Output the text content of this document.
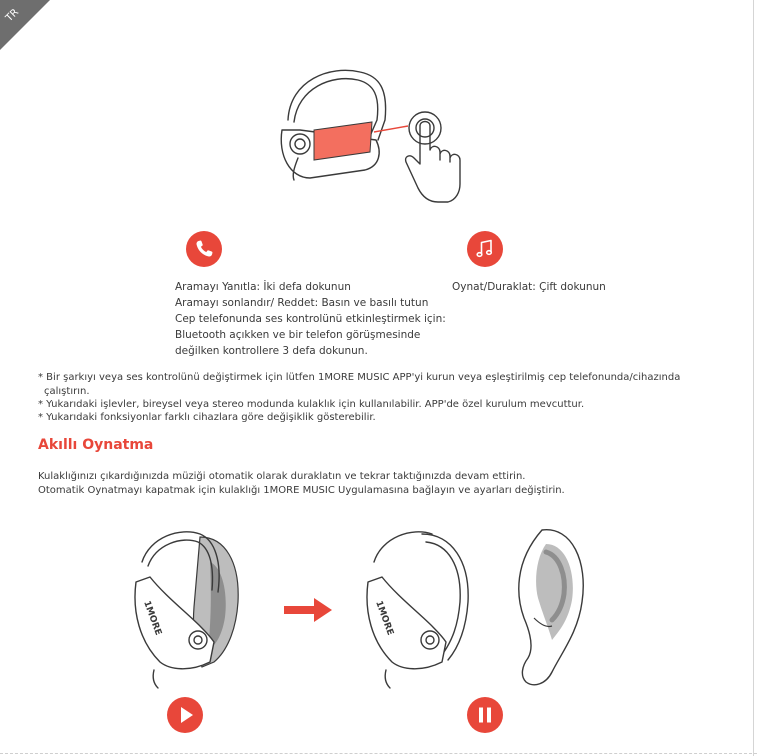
TR
Aramayı Yanıtla: İki defa dokunun
Aramayı sonlandır/ Reddet: Basın ve basılı tutun
Cep telefonunda ses kontrolünü etkinleştirmek için:
Bluetooth açıkken ve bir telefon görüşmesinde
değilken kontrollere 3 defa dokunun.
Oynat/Duraklat: Çift dokunun
* Bir şarkıyı veya ses kontrolünü değiştirmek için lütfen 1MORE MUSIC APP'yi kurun veya eşleştirilmiş cep telefonunda/cihazında
çalıştırın.
* Yukarıdaki işlevler, bireysel veya stereo modunda kulaklık için kullanılabilir. APP'de özel kurulum mevcuttur.
* Yukarıdaki fonksiyonlar farklı cihazlara göre değişiklik gösterebilir.
Akıllı Oynatma
Kulaklığınızı çıkardığınızda müziği otomatik olarak duraklatın ve tekrar taktığınızda devam ettirin.
Otomatik Oynatmayı kapatmak için kulaklığı 1MORE MUSIC Uygulamasına bağlayın ve ayarları değiştirin.
1MORE	1MORE
